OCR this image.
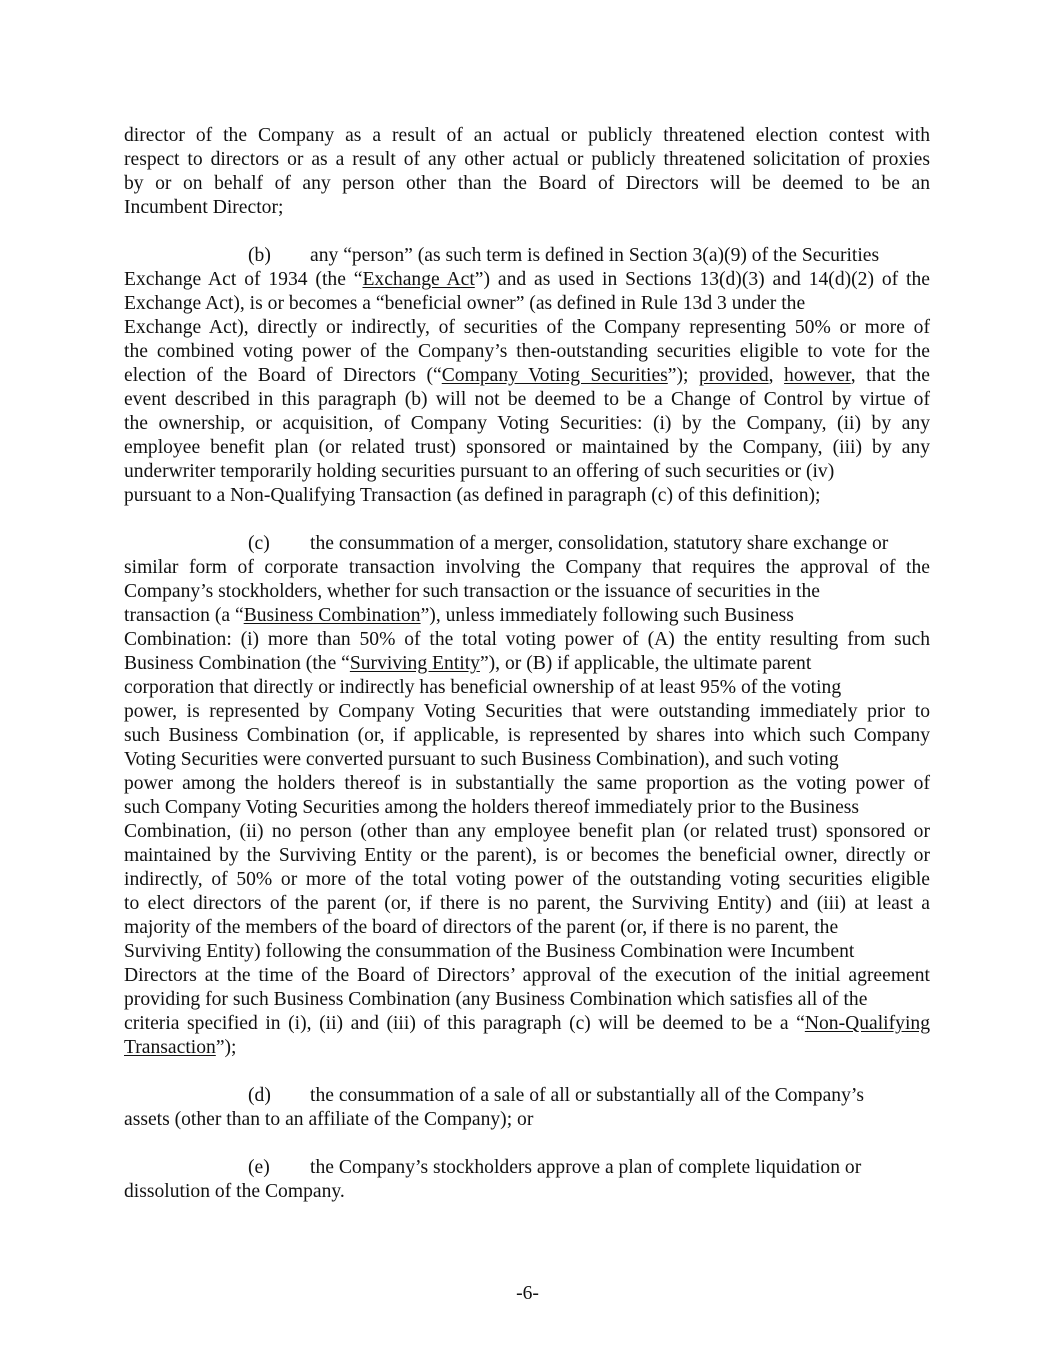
director of the Company as a result of an actual or publicly threatened election contest with
respect to directors or as a result of any other actual or publicly threatened solicitation of proxies
by or on behalf of any person other than the Board of Directors will be deemed to be an
Incumbent Director;

(b) any “person” (as such term is defined in Section 3(a)(9) of the Securities
Exchange Act of 1934 (the “Exchange Act”) and as used in Sections 13(d)(3) and 14(d)(2) of the
Exchange Act), is or becomes a “beneficial owner” (as defined in Rule 13d 3 under the
Exchange Act), directly or indirectly, of securities of the Company representing 50% or more of
the combined voting power of the Company’s then-outstanding securities eligible to vote for the
election of the Board of Directors (“Company Voting Securities”); provided, however, that the
event described in this paragraph (b) will not be deemed to be a Change of Control by virtue of
the ownership, or acquisition, of Company Voting Securities: (i) by the Company, (ii) by any
employee benefit plan (or related trust) sponsored or maintained by the Company, (iii) by any
underwriter temporarily holding securities pursuant to an offering of such securities or (iv)
pursuant to a Non-Qualifying Transaction (as defined in paragraph (c) of this definition);

(c) the consummation of a merger, consolidation, statutory share exchange or
similar form of corporate transaction involving the Company that requires the approval of the
Company’s stockholders, whether for such transaction or the issuance of securities in the
transaction (a “Business Combination”), unless immediately following such Business
Combination: (i) more than 50% of the total voting power of (A) the entity resulting from such
Business Combination (the “Surviving Entity”), or (B) if applicable, the ultimate parent
corporation that directly or indirectly has beneficial ownership of at least 95% of the voting
power, is represented by Company Voting Securities that were outstanding immediately prior to
such Business Combination (or, if applicable, is represented by shares into which such Company
Voting Securities were converted pursuant to such Business Combination), and such voting
power among the holders thereof is in substantially the same proportion as the voting power of
such Company Voting Securities among the holders thereof immediately prior to the Business
Combination, (ii) no person (other than any employee benefit plan (or related trust) sponsored or
maintained by the Surviving Entity or the parent), is or becomes the beneficial owner, directly or
indirectly, of 50% or more of the total voting power of the outstanding voting securities eligible
to elect directors of the parent (or, if there is no parent, the Surviving Entity) and (iii) at least a
majority of the members of the board of directors of the parent (or, if there is no parent, the
Surviving Entity) following the consummation of the Business Combination were Incumbent
Directors at the time of the Board of Directors’ approval of the execution of the initial agreement
providing for such Business Combination (any Business Combination which satisfies all of the
criteria specified in (i), (ii) and (iii) of this paragraph (c) will be deemed to be a “Non-Qualifying
Transaction”);

(d) the consummation of a sale of all or substantially all of the Company’s
assets (other than to an affiliate of the Company); or

(e) the Company’s stockholders approve a plan of complete liquidation or
dissolution of the Company.

-6-
